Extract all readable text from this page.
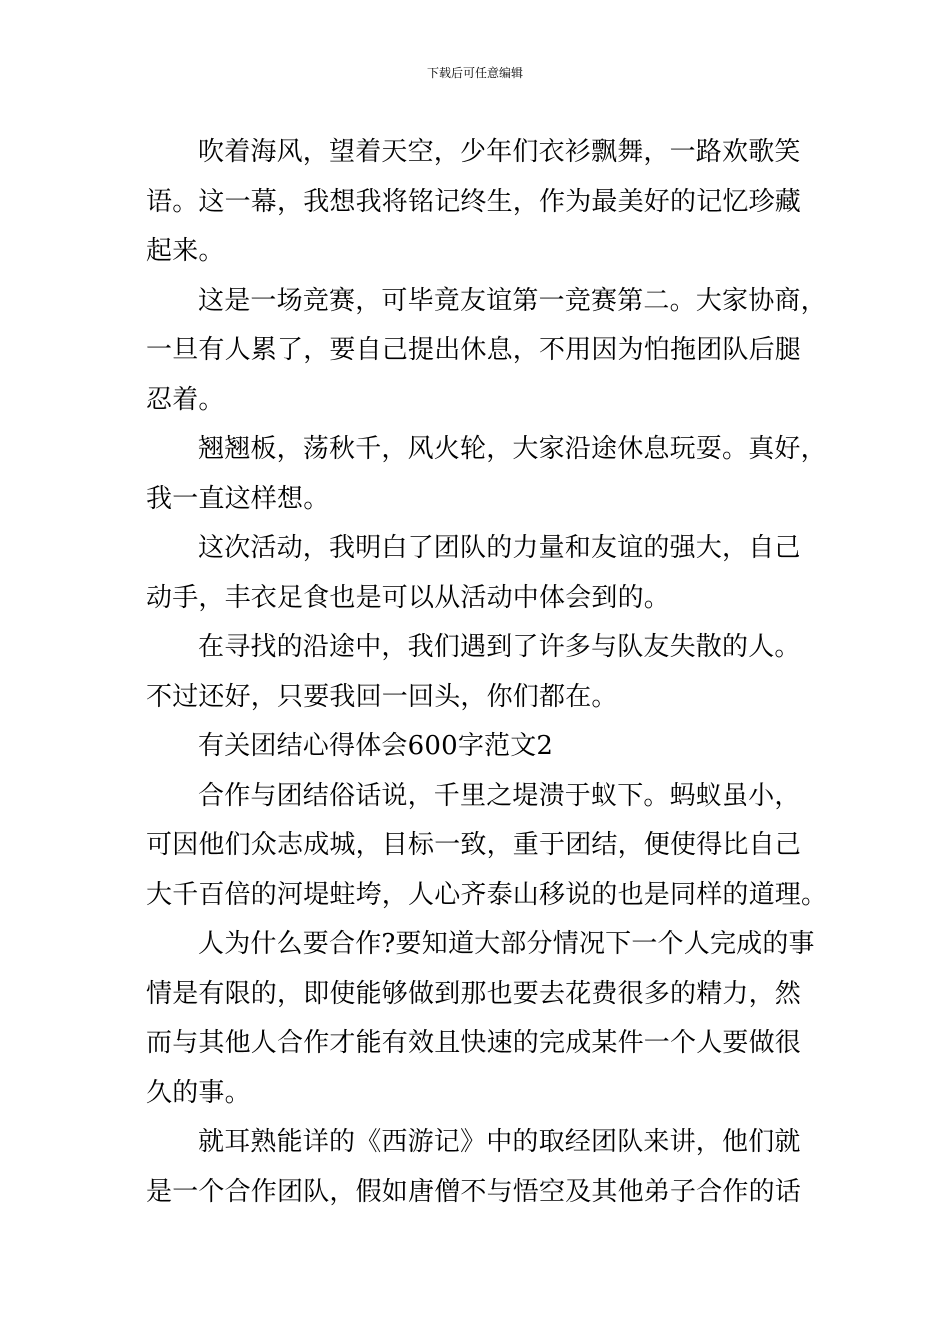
下载后可任意编辑

吹着海风，望着天空，少年们衣衫飘舞，一路欢歌笑
语。这一幕，我想我将铭记终生，作为最美好的记忆珍藏
起来。

这是一场竞赛，可毕竟友谊第一竞赛第二。大家协商，
一旦有人累了，要自己提出休息，不用因为怕拖团队后腿
忍着。

翘翘板，荡秋千，风火轮，大家沿途休息玩耍。真好，
我一直这样想。

这次活动，我明白了团队的力量和友谊的强大，自己
动手，丰衣足食也是可以从活动中体会到的。

在寻找的沿途中，我们遇到了许多与队友失散的人。
不过还好，只要我回一回头，你们都在。

有关团结心得体会600字范文2

合作与团结俗话说，千里之堤溃于蚁下。蚂蚁虽小，
可因他们众志成城，目标一致，重于团结，便使得比自己
大千百倍的河堤蛀垮，人心齐泰山移说的也是同样的道理。

人为什么要合作?要知道大部分情况下一个人完成的事
情是有限的，即使能够做到那也要去花费很多的精力，然
而与其他人合作才能有效且快速的完成某件一个人要做很
久的事。

就耳熟能详的《西游记》中的取经团队来讲，他们就
是一个合作团队，假如唐僧不与悟空及其他弟子合作的话
